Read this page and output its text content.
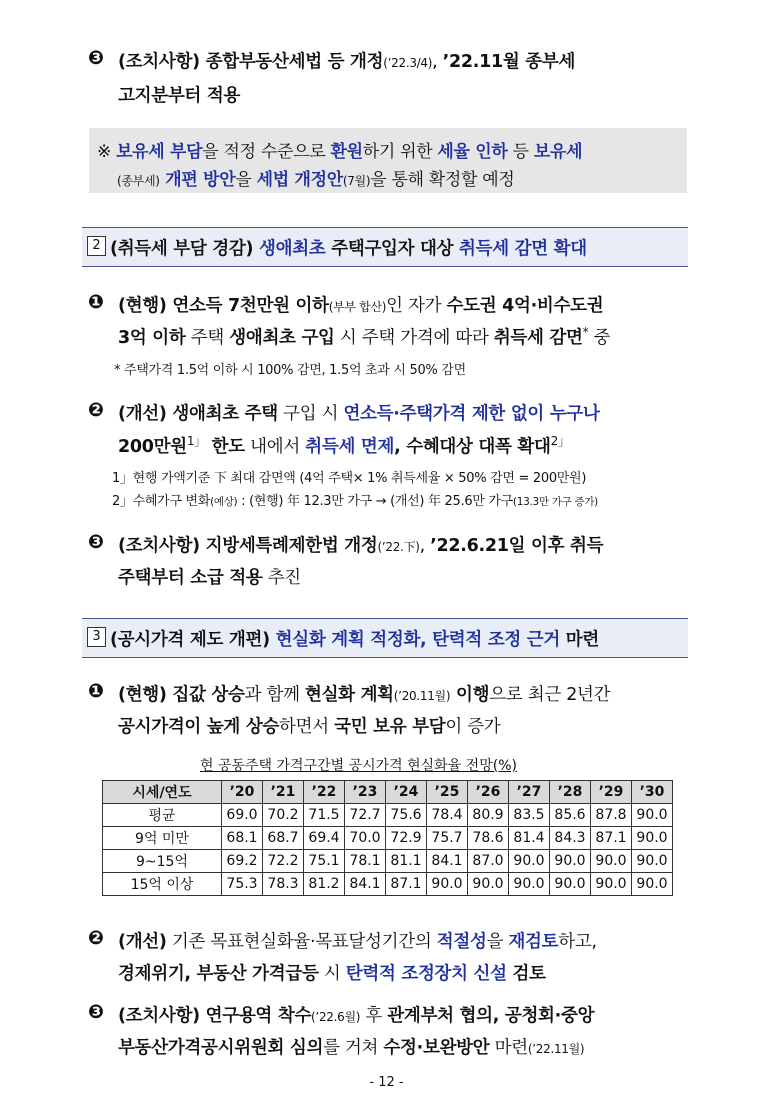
❸ (조치사항) 종합부동산세법 등 개정(’22.3/4), ’22.11월 종부세
고지분부터 적용
※ 보유세 부담을 적정 수준으로 환원하기 위한 세율 인하 등 보유세
(종부세) 개편 방안을 세법 개정안(7월)을 통해 확정할 예정
2 (취득세 부담 경감) 생애최초 주택구입자 대상 취득세 감면 확대
❶ (현행) 연소득 7천만원 이하(부부 합산)인 자가 수도권 4억·비수도권
3억 이하 주택 생애최초 구입 시 주택 가격에 따라 취득세 감면* 중
* 주택가격 1.5억 이하 시 100% 감면, 1.5억 초과 시 50% 감면
❷ (개선) 생애최초 주택 구입 시 연소득·주택가격 제한 없이 누구나
200만원$^{1」}$ 한도 내에서 취득세 면제, 수혜대상 대폭 확대$^{2」}$
1」현행 가액기준 下 최대 감면액 (4억 주택× 1% 취득세율 × 50% 감면 = 200만원)
2」수혜가구 변화(예상) : (현행) 年 12.3만 가구 → (개선) 年 25.6만 가구(13.3만 가구 증가)
❸ (조치사항) 지방세특례제한법 개정(’22.下), ’22.6.21일 이후 취득
주택부터 소급 적용 추진
3 (공시가격 제도 개편) 현실화 계획 적정화, 탄력적 조정 근거 마련
❶ (현행) 집값 상승과 함께 현실화 계획(’20.11월) 이행으로 최근 2년간
공시가격이 높게 상승하면서 국민 보유 부담이 증가
현 공동주택 가격구간별 공시가격 현실화율 전망(%)
시세/연도	’20	’21	’22	’23	’24	’25	’26	’27	’28	’29	’30
평균	69.0	70.2	71.5	72.7	75.6	78.4	80.9	83.5	85.6	87.8	90.0
9억 미만	68.1	68.7	69.4	70.0	72.9	75.7	78.6	81.4	84.3	87.1	90.0
9~15억	69.2	72.2	75.1	78.1	81.1	84.1	87.0	90.0	90.0	90.0	90.0
15억 이상	75.3	78.3	81.2	84.1	87.1	90.0	90.0	90.0	90.0	90.0	90.0
❷ (개선) 기존 목표현실화율·목표달성기간의 적절성을 재검토하고,
경제위기, 부동산 가격급등 시 탄력적 조정장치 신설 검토
❸ (조치사항) 연구용역 착수(’22.6월) 후 관계부처 협의, 공청회·중앙
부동산가격공시위원회 심의를 거쳐 수정·보완방안 마련(’22.11월)
- 12 -
